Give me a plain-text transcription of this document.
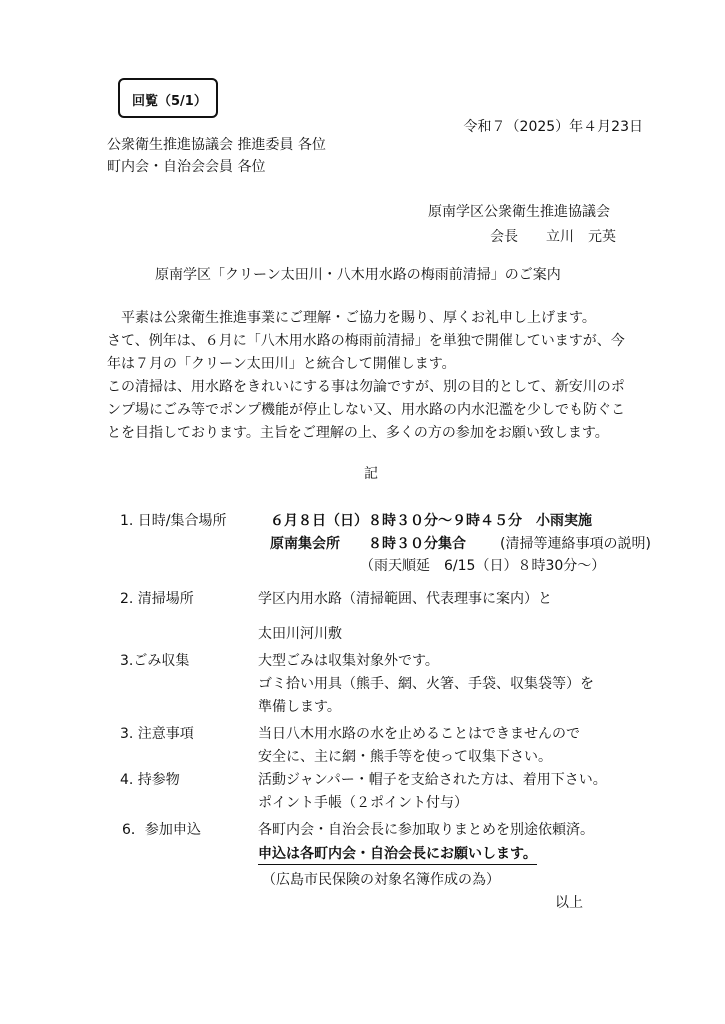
回覧（5/1）
令和７（2025）年４月23日
公衆衛生推進協議会 推進委員 各位
町内会・自治会会員 各位
原南学区公衆衛生推進協議会
会長　　立川　元英
原南学区「クリーン太田川・八木用水路の梅雨前清掃」のご案内
　平素は公衆衛生推進事業にご理解・ご協力を賜り、厚くお礼申し上げます。
さて、例年は、６月に「八木用水路の梅雨前清掃」を単独で開催していますが、今
年は７月の「クリーン太田川」と統合して開催します。
この清掃は、用水路をきれいにする事は勿論ですが、別の目的として、新安川のポ
ンプ場にごみ等でポンプ機能が停止しない又、用水路の内水氾濫を少しでも防ぐこ
とを目指しております。主旨をご理解の上、多くの方の参加をお願い致します。
記
1. 日時/集合場所	６月８日（日）８時３０分～９時４５分　小雨実施
原南集会所　　８時３０分集合 (清掃等連絡事項の説明)
（雨天順延　6/15（日）８時30分～）
2. 清掃場所	学区内用水路（清掃範囲、代表理事に案内）と
太田川河川敷
3.ごみ収集	大型ごみは収集対象外です。
ゴミ拾い用具（熊手、網、火箸、手袋、収集袋等）を
準備します。
3. 注意事項	当日八木用水路の水を止めることはできませんので
安全に、主に網・熊手等を使って収集下さい。
4. 持参物	活動ジャンパー・帽子を支給された方は、着用下さい。
ポイント手帳（２ポイント付与）
6．参加申込	各町内会・自治会長に参加取りまとめを別途依頼済。
申込は各町内会・自治会長にお願いします。
（広島市民保険の対象名簿作成の為）
以上
